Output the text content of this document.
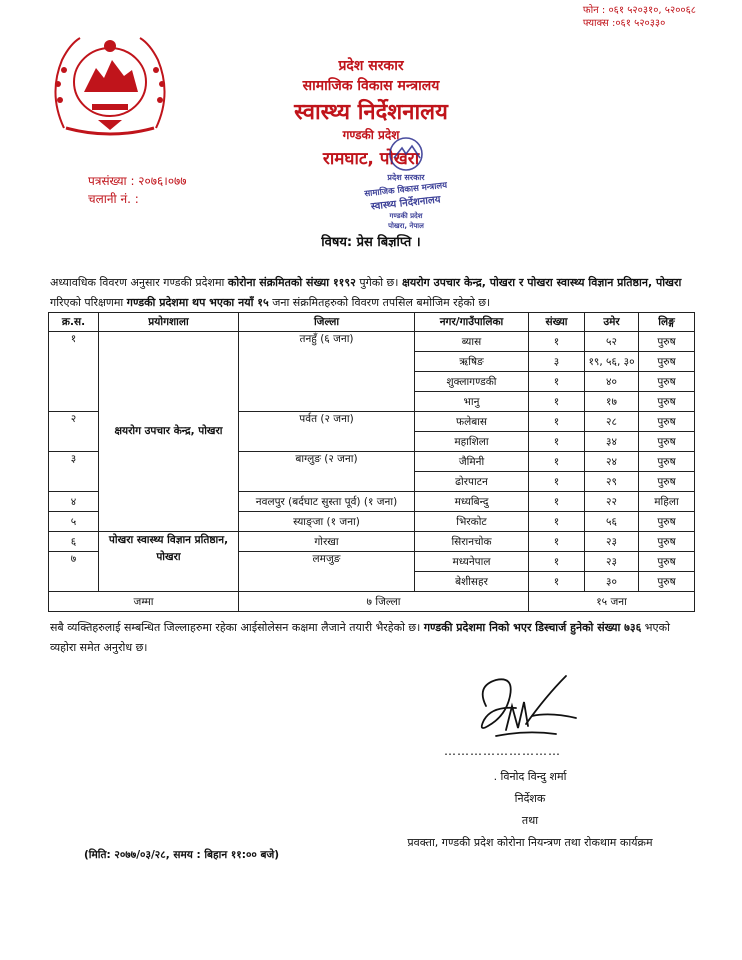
फोन : ०६१ ५२०३१०, ५२००६८
फ्याक्स :०६१ ५२०३३०
प्रदेश सरकार
सामाजिक विकास मन्त्रालय
स्वास्थ्य निर्देशनालय
गण्डकी प्रदेश
रामघाट, पोखरा
पत्रसंख्या : २०७६।०७७
चलानी नं. :
प्रदेश सरकार
सामाजिक विकास मन्त्रालय
स्वास्थ्य निर्देशनालय
गण्डकी प्रदेश
पोखरा, नेपाल
विषय: प्रेस बिज्ञप्ति ।
अध्यावधिक विवरण अनुसार गण्डकी प्रदेशमा कोरोना संक्रमितको संख्या ११९२ पुगेको छ। क्षयरोग उपचार केन्द्र, पोखरा र पोखरा स्वास्थ्य विज्ञान प्रतिष्ठान, पोखरा गरिएको परिक्षणमा गण्डकी प्रदेशमा थप भएका नयाँ १५ जना संक्रमितहरुको विवरण तपसिल बमोजिम रहेको छ।
क्र.स.	प्रयोगशाला	जिल्ला	नगर/गाउँपालिका	संख्या	उमेर	लिङ्ग
१	क्षयरोग उपचार केन्द्र, पोखरा	तनहुँ (६ जना)	ब्यास	१	५२	पुरुष
			ऋषिङ	३	१९, ५६, ३०	पुरुष
			शुक्लागण्डकी	१	४०	पुरुष
			भानु	१	१७	पुरुष
२		पर्वत (२ जना)	फलेबास	१	२८	पुरुष
			महाशिला	१	३४	पुरुष
३		बाग्लुङ (२ जना)	जैमिनी	१	२४	पुरुष
			ढोरपाटन	१	२९	पुरुष
४		नवलपुर (बर्दघाट सुस्ता पूर्व) (१ जना)	मध्यबिन्दु	१	२२	महिला
५		स्याङ्जा (१ जना)	भिरकोट	१	५६	पुरुष
६	पोखरा स्वास्थ्य विज्ञान प्रतिष्ठान, पोखरा	गोरखा	सिरानचोक	१	२३	पुरुष
७		लमजुङ	मध्यनेपाल	१	२३	पुरुष
			बेशीसहर	१	३०	पुरुष
जम्मा		७ जिल्ला		१५ जना		
सबै व्यक्तिहरुलाई सम्बन्धित जिल्लाहरुमा रहेका आईसोलेसन कक्षमा लैजाने तयारी भैरहेको छ। गण्डकी प्रदेशमा निको भएर डिस्चार्ज हुनेको संख्या ७३६ भएको व्यहोरा समेत अनुरोध छ।
………………………
. विनोद विन्दु शर्मा
निर्देशक
तथा
प्रवक्ता, गण्डकी प्रदेश कोरोना नियन्त्रण तथा रोकथाम कार्यक्रम
(मिति: २०७७/०३/२८, समय : बिहान ११:०० बजे)
